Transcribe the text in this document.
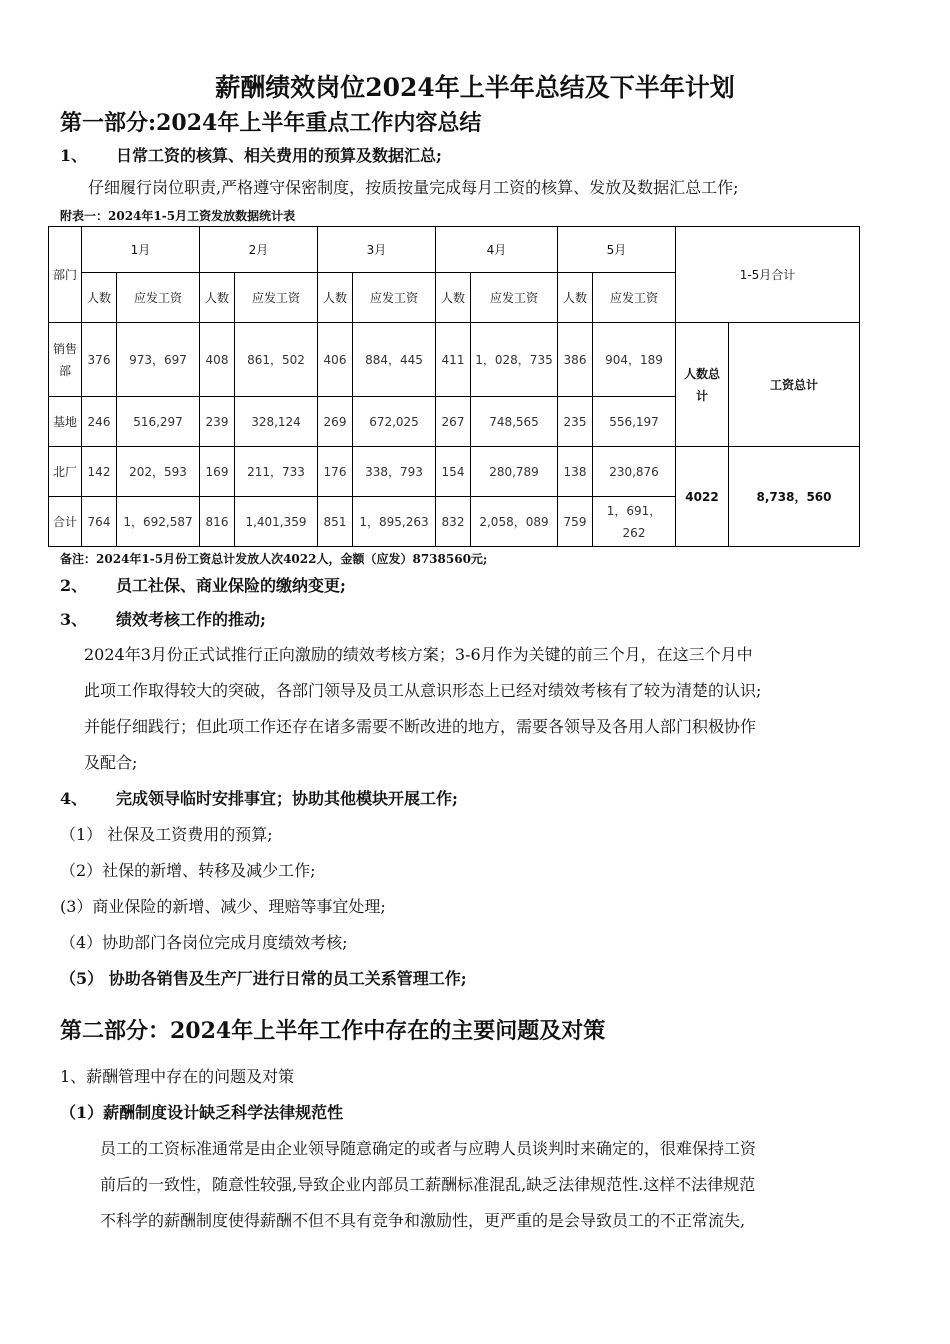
薪酬绩效岗位2024年上半年总结及下半年计划

第一部分:2024年上半年重点工作内容总结

1、 日常工资的核算、相关费用的预算及数据汇总;

仔细履行岗位职责,严格遵守保密制度，按质按量完成每月工资的核算、发放及数据汇总工作;

附表一：2024年1-5月工资发放数据统计表
部门	1月		2月		3月		4月		5月		1-5月合计	
	人数	应发工资	人数	应发工资	人数	应发工资	人数	应发工资	人数	应发工资		
销售部	376	973，697	408	861，502	406	884，445	411	1，028，735	386	904，189	人数总计	工资总计
基地	246	516,297	239	328,124	269	672,025	267	748,565	235	556,197		
北厂	142	202，593	169	211，733	176	338，793	154	280,789	138	230,876	4022	8,738，560
合计	764	1，692,587	816	1,401,359	851	1，895,263	832	2,058，089	759	1，691，262		
备注：2024年1-5月份工资总计发放人次4022人，金额（应发）8738560元;

2、 员工社保、商业保险的缴纳变更;

3、 绩效考核工作的推动;

2024年3月份正式试推行正向激励的绩效考核方案；3-6月作为关键的前三个月，在这三个月中

此项工作取得较大的突破，各部门领导及员工从意识形态上已经对绩效考核有了较为清楚的认识;

并能仔细践行；但此项工作还存在诸多需要不断改进的地方，需要各领导及各用人部门积极协作

及配合;

4、 完成领导临时安排事宜；协助其他模块开展工作;

（1） 社保及工资费用的预算;

（2）社保的新增、转移及减少工作;

(3）商业保险的新增、减少、理赔等事宜处理;

（4）协助部门各岗位完成月度绩效考核;

（5） 协助各销售及生产厂进行日常的员工关系管理工作;

第二部分：2024年上半年工作中存在的主要问题及对策

1、薪酬管理中存在的问题及对策

（1）薪酬制度设计缺乏科学法律规范性

员工的工资标准通常是由企业领导随意确定的或者与应聘人员谈判时来确定的，很难保持工资

前后的一致性，随意性较强,导致企业内部员工薪酬标准混乱,缺乏法律规范性.这样不法律规范

不科学的薪酬制度使得薪酬不但不具有竞争和激励性，更严重的是会导致员工的不正常流失,
